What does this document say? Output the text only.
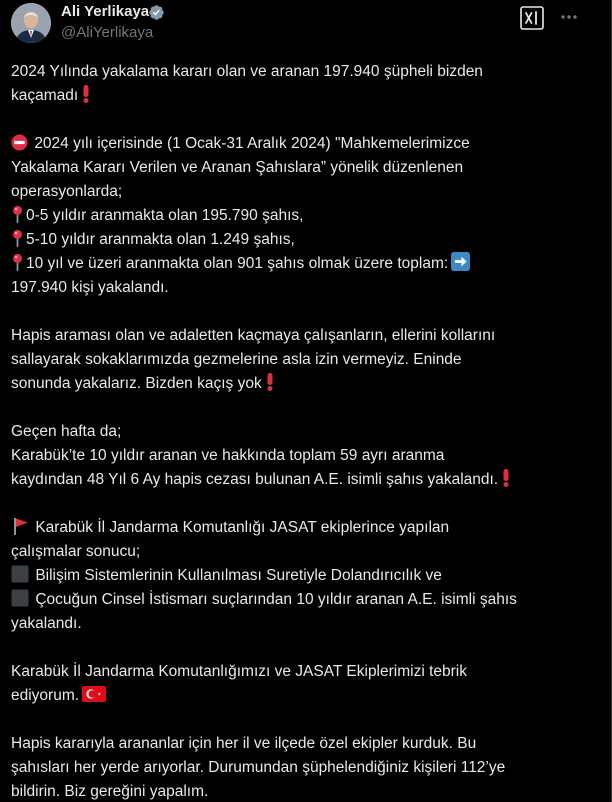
Ali Yerlikaya
@AliYerlikaya
2024 Yılında yakalama kararı olan ve aranan 197.940 şüpheli bizden
kaçamadı
2024 yılı içerisinde (1 Ocak-31 Aralık 2024) "Mahkemelerimizce
Yakalama Kararı Verilen ve Aranan Şahıslara” yönelik düzenlenen
operasyonlarda;
0-5 yıldır aranmakta olan 195.790 şahıs,
5-10 yıldır aranmakta olan 1.249 şahıs,
10 yıl ve üzeri aranmakta olan 901 şahıs olmak üzere toplam:
197.940 kişi yakalandı.
Hapis araması olan ve adaletten kaçmaya çalışanların, ellerini kollarını
sallayarak sokaklarımızda gezmelerine asla izin vermeyiz. Eninde
sonunda yakalarız. Bizden kaçış yok
Geçen hafta da;
Karabük’te 10 yıldır aranan ve hakkında toplam 59 ayrı aranma
kaydından 48 Yıl 6 Ay hapis cezası bulunan A.E. isimli şahıs yakalandı.
Karabük İl Jandarma Komutanlığı JASAT ekiplerince yapılan
çalışmalar sonucu;
Bilişim Sistemlerinin Kullanılması Suretiyle Dolandırıcılık ve
Çocuğun Cinsel İstismarı suçlarından 10 yıldır aranan A.E. isimli şahıs
yakalandı.
Karabük İl Jandarma Komutanlığımızı ve JASAT Ekiplerimizi tebrik
ediyorum.
Hapis kararıyla arananlar için her il ve ilçede özel ekipler kurduk. Bu
şahısları her yerde arıyorlar. Durumundan şüphelendiğiniz kişileri 112’ye
bildirin. Biz gereğini yapalım.
